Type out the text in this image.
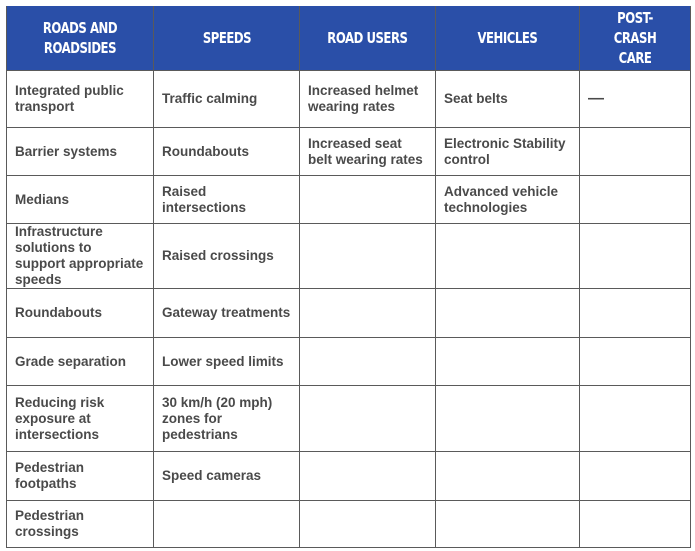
ROADS AND ROADSIDES	SPEEDS	ROAD USERS	VEHICLES	POST-CRASH CARE
Integrated public transport	Traffic calming	Increased helmet wearing rates	Seat belts	—
Barrier systems	Roundabouts	Increased seat belt wearing rates	Electronic Stability control	
Medians	Raised intersections		Advanced vehicle technologies	
Infrastructure solutions to support appropriate speeds	Raised crossings			
Roundabouts	Gateway treatments			
Grade separation	Lower speed limits			
Reducing risk exposure at intersections	30 km/h (20 mph) zones for pedestrians			
Pedestrian footpaths	Speed cameras			
Pedestrian crossings				
